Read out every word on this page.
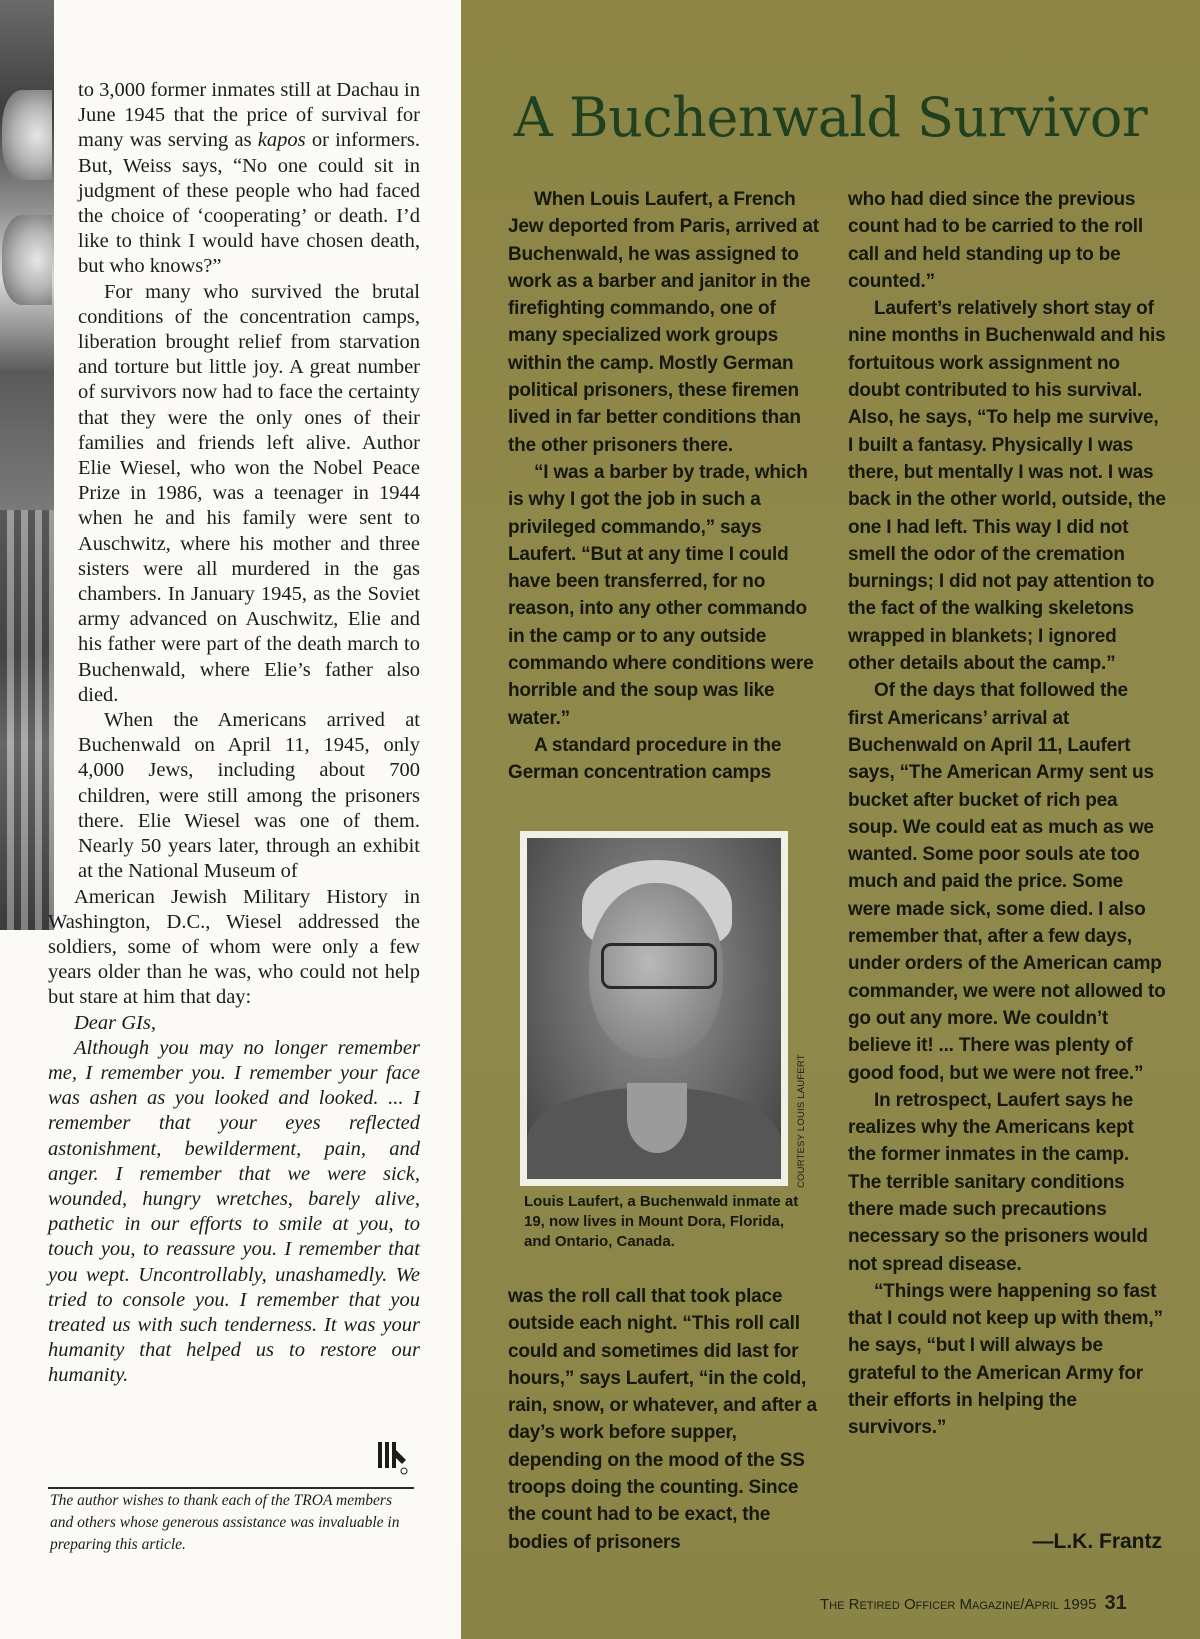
to 3,000 former inmates still at Dachau in June 1945 that the price of survival for many was serving as kapos or informers. But, Weiss says, “No one could sit in judgment of these people who had faced the choice of ‘cooperating’ or death. I’d like to think I would have chosen death, but who knows?”

For many who survived the brutal conditions of the concentration camps, liberation brought relief from starvation and torture but little joy. A great number of survivors now had to face the certainty that they were the only ones of their families and friends left alive. Author Elie Wiesel, who won the Nobel Peace Prize in 1986, was a teenager in 1944 when he and his family were sent to Auschwitz, where his mother and three sisters were all murdered in the gas chambers. In January 1945, as the Soviet army advanced on Auschwitz, Elie and his father were part of the death march to Buchenwald, where Elie’s father also died.

When the Americans arrived at Buchenwald on April 11, 1945, only 4,000 Jews, including about 700 children, were still among the prisoners there. Elie Wiesel was one of them. Nearly 50 years later, through an exhibit at the National Museum of

American Jewish Military History in Washington, D.C., Wiesel addressed the soldiers, some of whom were only a few years older than he was, who could not help but stare at him that day:

Dear GIs,

Although you may no longer remember me, I remember you. I remember your face was ashen as you looked and looked. ... I remember that your eyes reflected astonishment, bewilderment, pain, and anger. I remember that we were sick, wounded, hungry wretches, barely alive, pathetic in our efforts to smile at you, to touch you, to reassure you. I remember that you wept. Uncontrollably, unashamedly. We tried to console you. I remember that you treated us with such tenderness. It was your humanity that helped us to restore our humanity.

The author wishes to thank each of the TROA members and others whose generous assistance was invaluable in preparing this article.

A Buchenwald Survivor

When Louis Laufert, a French Jew deported from Paris, arrived at Buchenwald, he was assigned to work as a barber and janitor in the firefighting commando, one of many specialized work groups within the camp. Mostly German political prisoners, these firemen lived in far better conditions than the other prisoners there.

“I was a barber by trade, which is why I got the job in such a privileged commando,” says Laufert. “But at any time I could have been transferred, for no reason, into any other commando in the camp or to any outside commando where conditions were horrible and the soup was like water.”

A standard procedure in the German concentration camps

COURTESY LOUIS LAUFERT
Louis Laufert, a Buchenwald inmate at 19, now lives in Mount Dora, Florida, and Ontario, Canada.

was the roll call that took place outside each night. “This roll call could and sometimes did last for hours,” says Laufert, “in the cold, rain, snow, or whatever, and after a day’s work before supper, depending on the mood of the SS troops doing the counting. Since the count had to be exact, the bodies of prisoners

who had died since the previous count had to be carried to the roll call and held standing up to be counted.”

Laufert’s relatively short stay of nine months in Buchenwald and his fortuitous work assignment no doubt contributed to his survival. Also, he says, “To help me survive, I built a fantasy. Physically I was there, but mentally I was not. I was back in the other world, outside, the one I had left. This way I did not smell the odor of the cremation burnings; I did not pay attention to the fact of the walking skeletons wrapped in blankets; I ignored other details about the camp.”

Of the days that followed the first Americans’ arrival at Buchenwald on April 11, Laufert says, “The American Army sent us bucket after bucket of rich pea soup. We could eat as much as we wanted. Some poor souls ate too much and paid the price. Some were made sick, some died. I also remember that, after a few days, under orders of the American camp commander, we were not allowed to go out any more. We couldn’t believe it! ... There was plenty of good food, but we were not free.”

In retrospect, Laufert says he realizes why the Americans kept the former inmates in the camp. The terrible sanitary conditions there made such precautions necessary so the prisoners would not spread disease.

“Things were happening so fast that I could not keep up with them,” he says, “but I will always be grateful to the American Army for their efforts in helping the survivors.”

—L.K. Frantz
The Retired Officer Magazine/April 1995 31
